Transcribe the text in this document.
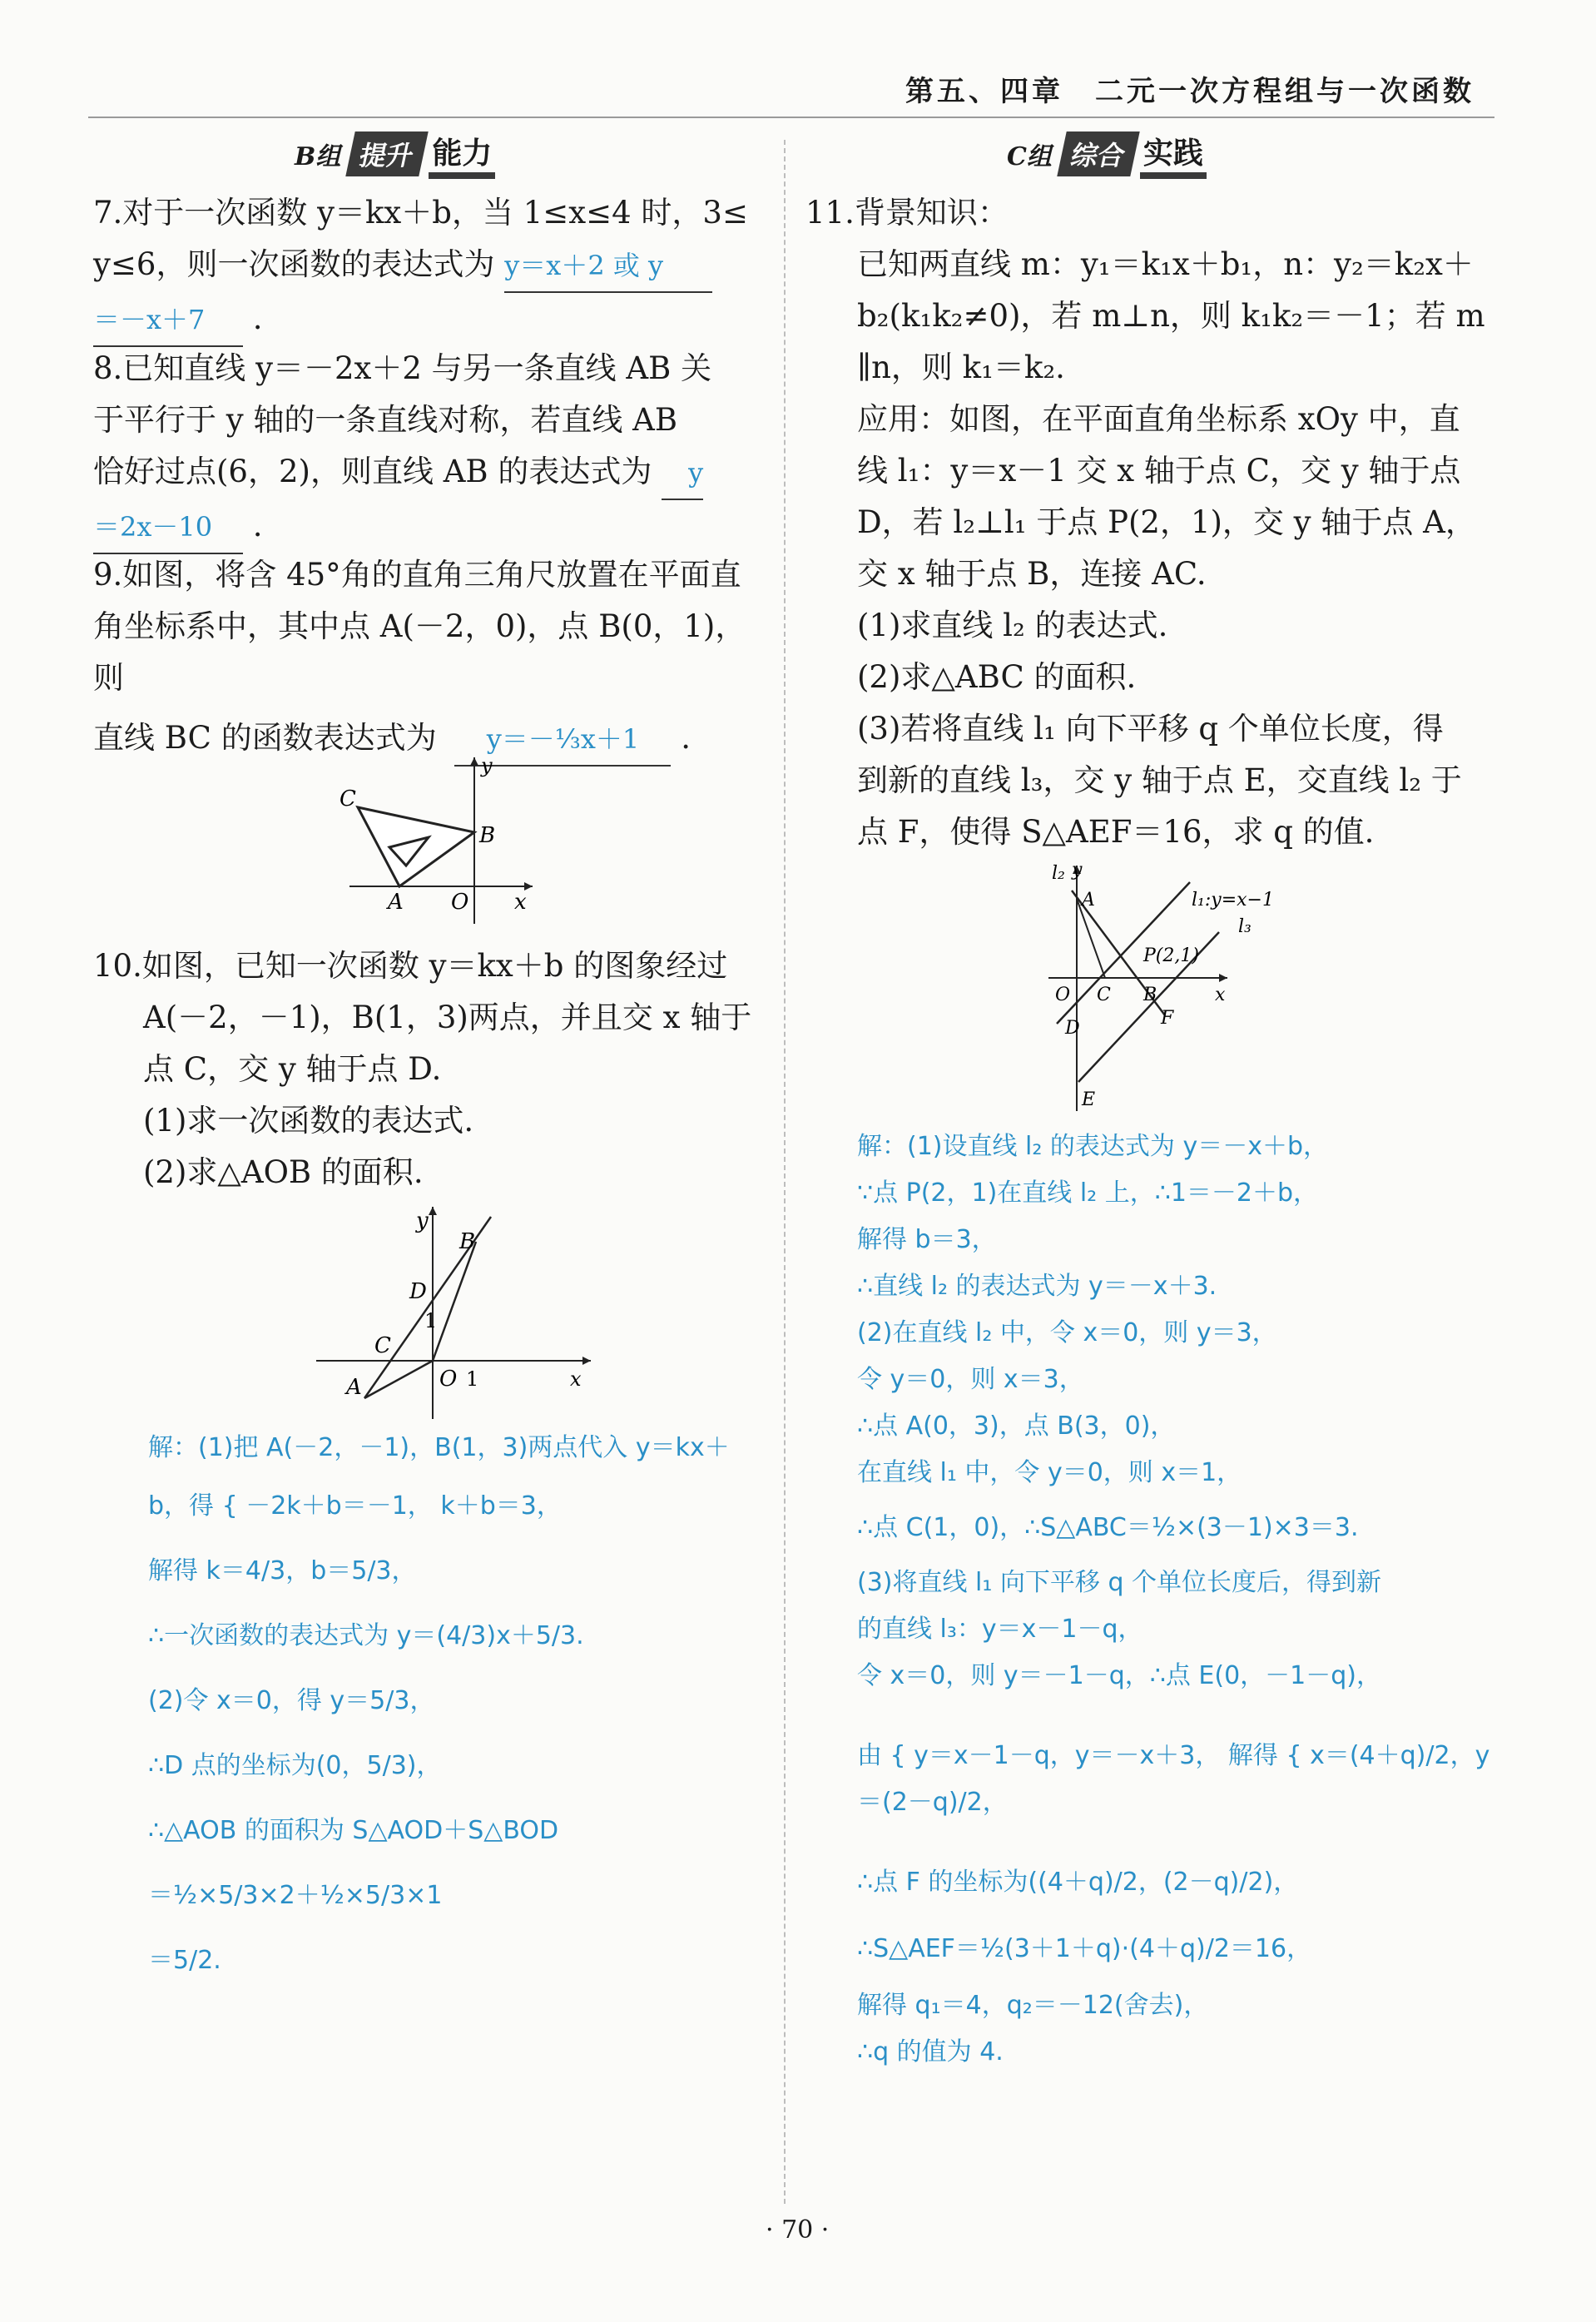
第五、四章　二元一次方程组与一次函数
B组 提升 能力
7.对于一次函数 y＝kx＋b，当 1≤x≤4 时，3≤
y≤6，则一次函数的表达式为 y＝x＋2 或 y
＝－x＋7 .
8.已知直线 y＝－2x＋2 与另一条直线 AB 关
于平行于 y 轴的一条直线对称，若直线 AB
恰好过点(6，2)，则直线 AB 的表达式为 y
＝2x－10 .
9.如图，将含 45°角的直角三角尺放置在平面直
角坐标系中，其中点 A(－2，0)，点 B(0，1)，则
直线 BC 的函数表达式为 y＝－⅓x＋1 .
C
B
A O x
y
10.如图，已知一次函数 y＝kx＋b 的图象经过
A(－2，－1)，B(1，3)两点，并且交 x 轴于
点 C，交 y 轴于点 D.
(1)求一次函数的表达式.
(2)求△AOB 的面积.
y
B
D
1
C
A	O 1	x
解：(1)把 A(－2，－1)，B(1，3)两点代入 y＝kx＋
b，得 { －2k＋b＝－1， k＋b＝3，
解得 k＝4/3，b＝5/3，
∴一次函数的表达式为 y＝(4/3)x＋5/3.
(2)令 x＝0，得 y＝5/3，
∴D 点的坐标为(0，5/3)，
∴△AOB 的面积为 S△AOD＋S△BOD
＝½×5/3×2＋½×5/3×1
＝5/2.
C组 综合 实践
11.背景知识：
已知两直线 m：y₁＝k₁x＋b₁，n：y₂＝k₂x＋
b₂(k₁k₂≠0)，若 m⊥n，则 k₁k₂＝－1；若 m
∥n，则 k₁＝k₂.
应用：如图，在平面直角坐标系 xOy 中，直
线 l₁：y＝x－1 交 x 轴于点 C，交 y 轴于点
D，若 l₂⊥l₁ 于点 P(2，1)，交 y 轴于点 A，
交 x 轴于点 B，连接 AC.
(1)求直线 l₂ 的表达式.
(2)求△ABC 的面积.
(3)若将直线 l₁ 向下平移 q 个单位长度，得
到新的直线 l₃，交 y 轴于点 E，交直线 l₂ 于
点 F，使得 S△AEF＝16，求 q 的值.
l₂ y
A	l₁:y=x−1
l₃
P(2,1)
O C B	x
D	F
E
解：(1)设直线 l₂ 的表达式为 y＝－x＋b，
∵点 P(2，1)在直线 l₂ 上，∴1＝－2＋b，
解得 b＝3，
∴直线 l₂ 的表达式为 y＝－x＋3.
(2)在直线 l₂ 中，令 x＝0，则 y＝3，
令 y＝0，则 x＝3，
∴点 A(0，3)，点 B(3，0)，
在直线 l₁ 中，令 y＝0，则 x＝1，
∴点 C(1，0)，∴S△ABC＝½×(3－1)×3＝3.
(3)将直线 l₁ 向下平移 q 个单位长度后，得到新
的直线 l₃：y＝x－1－q，
令 x＝0，则 y＝－1－q，∴点 E(0，－1－q)，
由 { y＝x－1－q，y＝－x＋3， 解得 { x＝(4＋q)/2，y＝(2－q)/2，
∴点 F 的坐标为((4＋q)/2，(2－q)/2)，
∴S△AEF＝½(3＋1＋q)·(4＋q)/2＝16，
解得 q₁＝4，q₂＝－12(舍去)，
∴q 的值为 4.
· 70 ·
